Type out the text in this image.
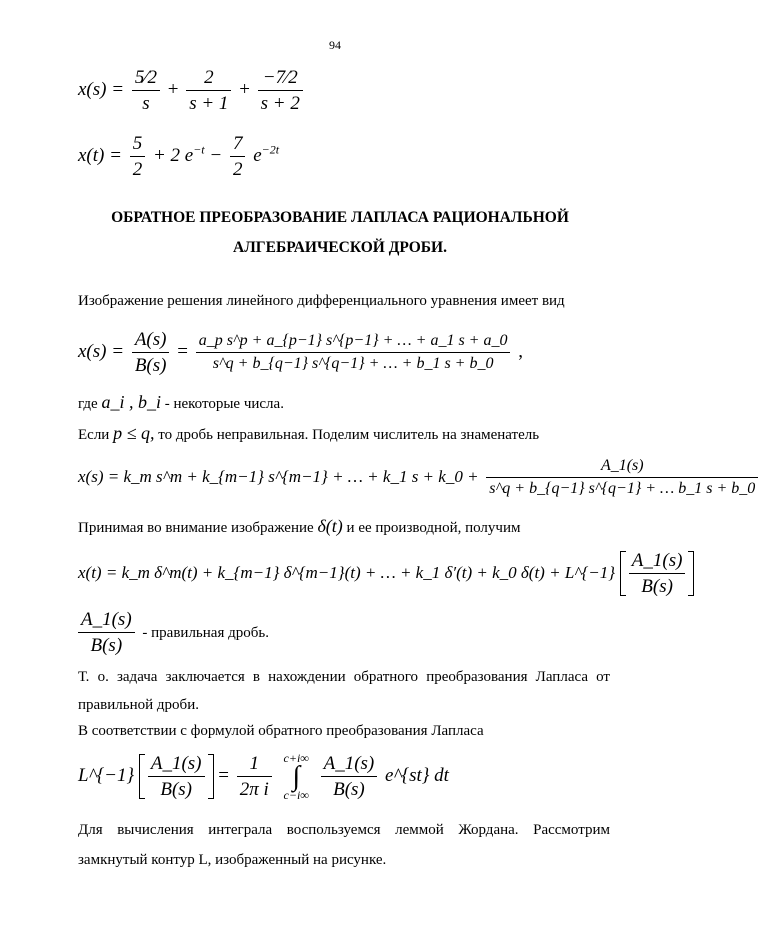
94
$x(s) = \frac{5⁄2}{s} + \frac{2}{s + 1} + \frac{-7⁄2}{s + 2}$
$x(t) = \frac{5}{2} + 2$ $e^{-t} - \frac{7}{2} e^{-2t}$
ОБРАТНОЕ ПРЕОБРАЗОВАНИЕ ЛАПЛАСА РАЦИОНАЛЬНОЙ
АЛГЕБРАИЧЕСКОЙ ДРОБИ.
Изображение решения линейного дифференциального уравнения имеет вид
$x(s) = \frac{A(s)}{B(s)} = \frac{\text{a\_p s\textasciicircum{}p + a\_\{p−1\} s\textasciicircum{}\{p−1\} + … + a\_1 s + a\_0}}{s\^{}q + b\_\{q-1\} s\^{}\{q-1\} + \dots + b\_1 s + b\_0}$ ,
где a_i , b_i - некоторые числа.
Если p ≤ q, то дробь неправильная. Поделим числитель на знаменатель
x(s) = k_m s^m + k_{m−1} s^{m−1} + … + k_1 s + k_0 + $\frac{A\_1(s)}{s\^{}q + b\_\{q-1\} s\^{}\{q-1\} + \dots b\_1 s + b\_0}$
Принимая во внимание изображение δ(t) и ее производной, получим
x(t) = k_m δ^m(t) + k_{m−1} δ^{m−1}(t) + … + k_1 δ′(t) + k_0 δ(t) + L^{−1} $\frac{A\_1(s)}{B(s)}$
$\frac{A\_1(s)}{B(s)}$ - правильная дробь.
Т. о. задача заключается в нахождении обратного преобразования Лапласа от
правильной дроби.
В соответствии с формулой обратного преобразования Лапласа
L^{−1} $\frac{A\_1(s)}{B(s)} = \frac{1}{\text{2π i}} c+i\infty$
∫
$c-i\infty \frac{A\_1(s)}{B(s)}$ e^{st} dt
Для вычисления интеграла воспользуемся леммой Жордана. Рассмотрим
замкнутый контур L, изображенный на рисунке.
